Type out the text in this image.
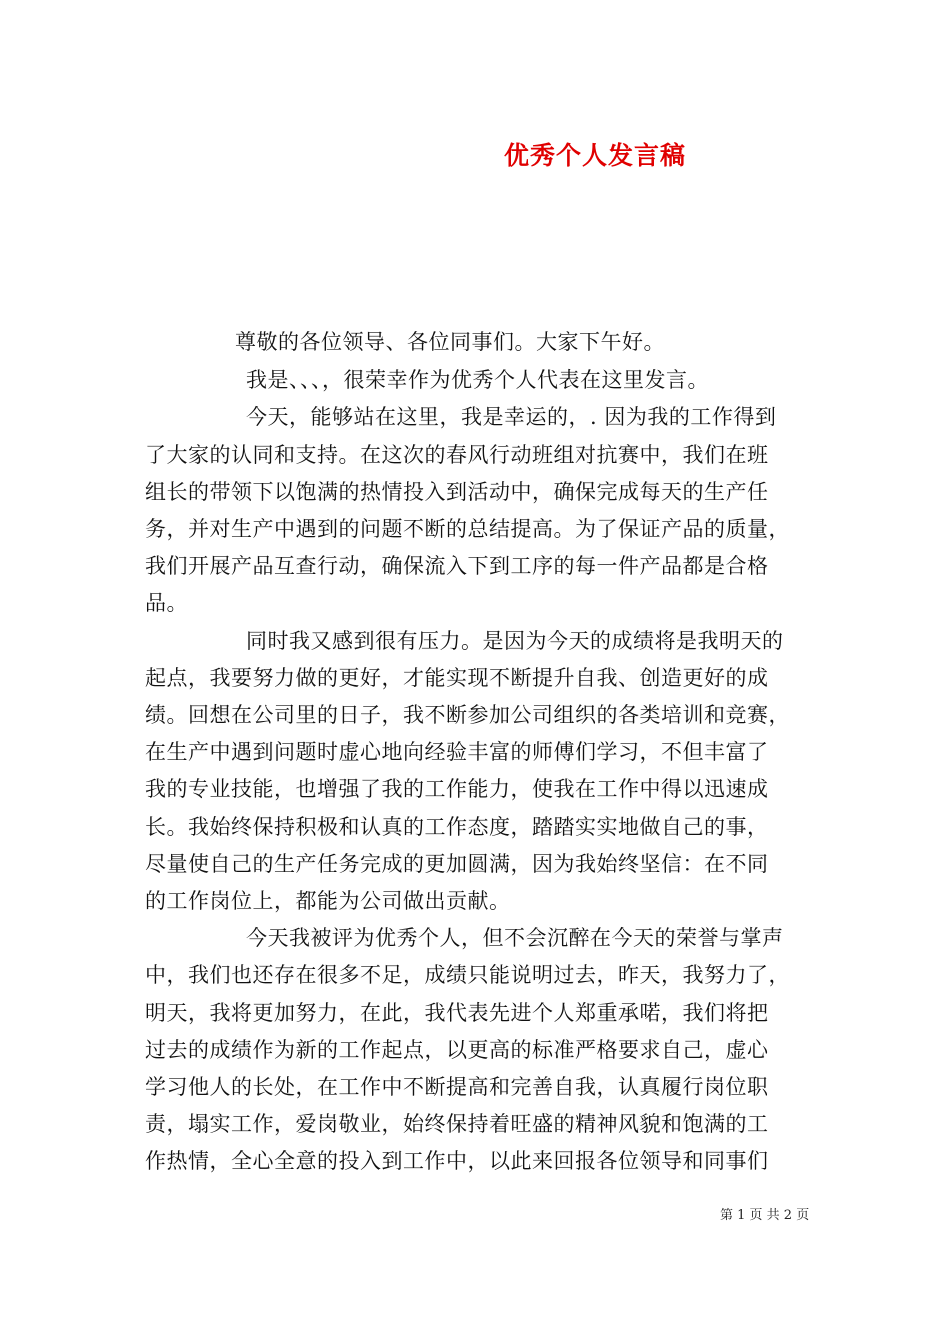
优秀个人发言稿
尊敬的各位领导、各位同事们。大家下午好。
我是、、、，很荣幸作为优秀个人代表在这里发言。
今天，能够站在这里，我是幸运的，. 因为我的工作得到
了大家的认同和支持。在这次的春风行动班组对抗赛中，我们在班
组长的带领下以饱满的热情投入到活动中，确保完成每天的生产任
务，并对生产中遇到的问题不断的总结提高。为了保证产品的质量，
我们开展产品互查行动，确保流入下到工序的每一件产品都是合格
品。
同时我又感到很有压力。是因为今天的成绩将是我明天的
起点，我要努力做的更好，才能实现不断提升自我、创造更好的成
绩。回想在公司里的日子，我不断参加公司组织的各类培训和竞赛，
在生产中遇到问题时虚心地向经验丰富的师傅们学习，不但丰富了
我的专业技能，也增强了我的工作能力，使我在工作中得以迅速成
长。我始终保持积极和认真的工作态度，踏踏实实地做自己的事，
尽量使自己的生产任务完成的更加圆满，因为我始终坚信：在不同
的工作岗位上，都能为公司做出贡献。
今天我被评为优秀个人，但不会沉醉在今天的荣誉与掌声
中，我们也还存在很多不足，成绩只能说明过去，昨天，我努力了，
明天，我将更加努力，在此，我代表先进个人郑重承喏，我们将把
过去的成绩作为新的工作起点，以更高的标准严格要求自己，虚心
学习他人的长处，在工作中不断提高和完善自我，认真履行岗位职
责，塌实工作，爱岗敬业，始终保持着旺盛的精神风貌和饱满的工
作热情，全心全意的投入到工作中，以此来回报各位领导和同事们
第 1 页 共 2 页
